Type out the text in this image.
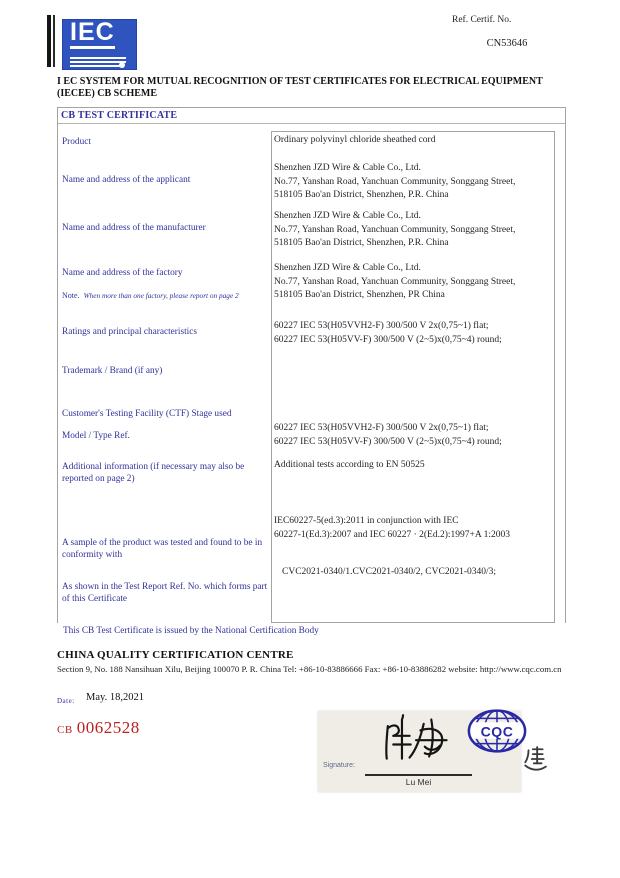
IEC	Ref. Certif. No.
CN53646
I EC SYSTEM FOR MUTUAL RECOGNITION OF TEST CERTIFICATES FOR ELECTRICAL EQUIPMENT
(IECEE) CB SCHEME
CB TEST CERTIFICATE
Product	Ordinary polyvinyl chloride sheathed cord
Name and address of the applicant
Shenzhen JZD Wire & Cable Co., Ltd.
No.77, Yanshan Road, Yanchuan Community, Songgang Street,
518105 Bao'an District, Shenzhen, P.R. China
Name and address of the manufacturer
Shenzhen JZD Wire & Cable Co., Ltd.
No.77, Yanshan Road, Yanchuan Community, Songgang Street,
518105 Bao'an District, Shenzhen, P.R. China
Name and address of the factory
Note. When more than one factory, please report on page 2
Shenzhen JZD Wire & Cable Co., Ltd.
No.77, Yanshan Road, Yanchuan Community, Songgang Street,
518105 Bao'an District, Shenzhen, PR China
Ratings and principal characteristics
60227 IEC 53(H05VVH2-F) 300/500 V 2x(0,75~1) flat;
60227 IEC 53(H05VV-F) 300/500 V (2~5)x(0,75~4) round;
Trademark / Brand (if any)
Customer's Testing Facility (CTF) Stage used
Model / Type Ref.
60227 IEC 53(H05VVH2-F) 300/500 V 2x(0,75~1) flat;
60227 IEC 53(H05VV-F) 300/500 V (2~5)x(0,75~4) round;
Additional information (if necessary may also be reported on page 2)
Additional tests according to EN 50525
A sample of the product was tested and found to be in conformity with
IEC60227-5(ed.3):2011 in conjunction with IEC
60227-1(Ed.3):2007 and IEC 60227 · 2(Ed.2):1997+A 1:2003
As shown in the Test Report Ref. No. which forms part of this Certificate
CVC2021-0340/1.CVC2021-0340/2, CVC2021-0340/3;
This CB Test Certificate is issued by the National Certification Body
CHINA QUALITY CERTIFICATION CENTRE
Section 9, No. 188 Nansihuan Xilu, Beijing 100070 P. R. China Tel: +86-10-83886666 Fax: +86-10-83886282 website: http://www.cqc.com.cn
Date: May. 18,2021
CB 0062528
Signature:
Lu Mei
CQC
